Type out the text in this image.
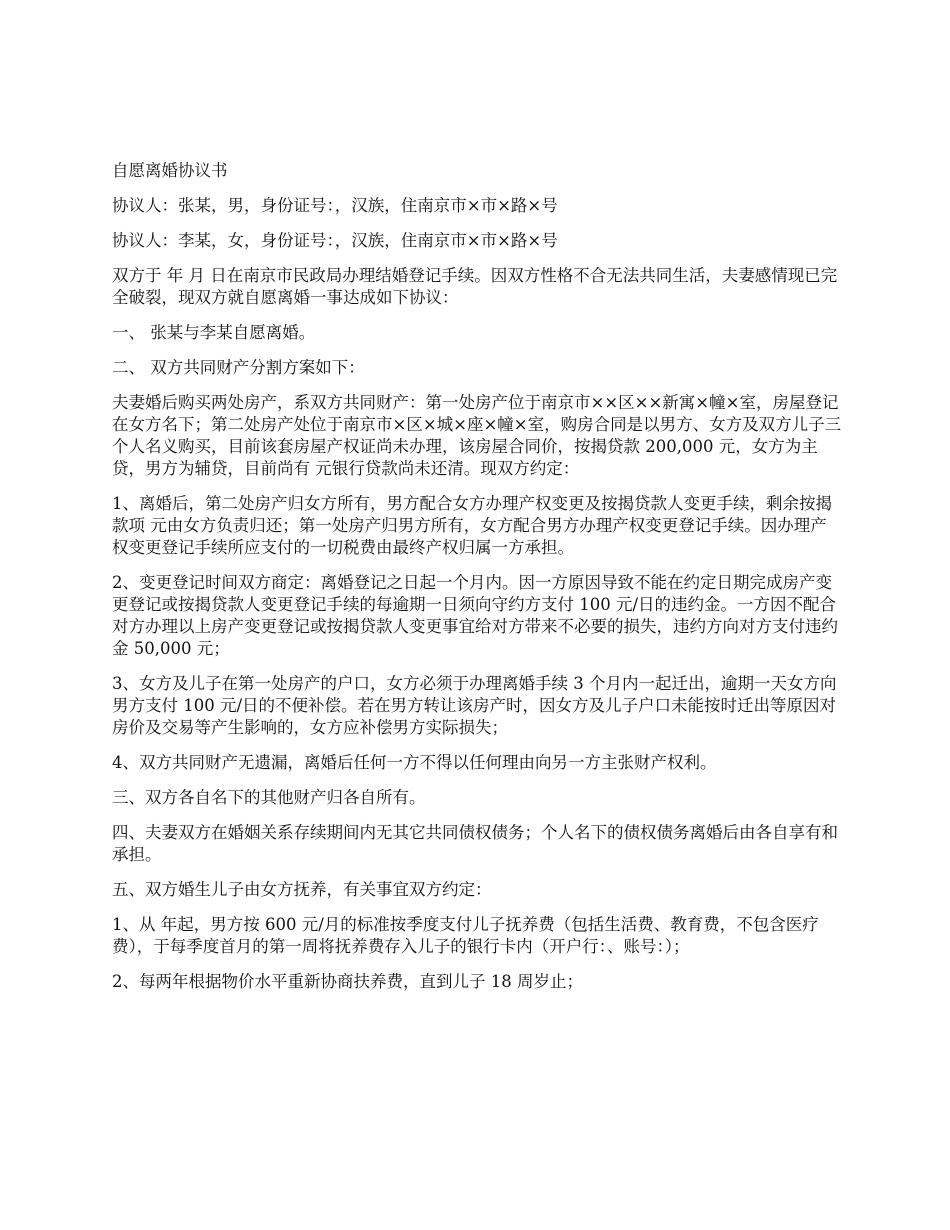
自愿离婚协议书

协议人：张某，男，身份证号：，汉族，住南京市×市×路×号

协议人：李某，女，身份证号：，汉族，住南京市×市×路×号

双方于 年 月 日在南京市民政局办理结婚登记手续。因双方性格不合无法共同生活，夫妻感情现已完全破裂，现双方就自愿离婚一事达成如下协议：

一、 张某与李某自愿离婚。

二、 双方共同财产分割方案如下：

夫妻婚后购买两处房产，系双方共同财产：第一处房产位于南京市××区××新寓×幢×室，房屋登记在女方名下；第二处房产处位于南京市×区×城×座×幢×室，购房合同是以男方、女方及双方儿子三个人名义购买，目前该套房屋产权证尚未办理，该房屋合同价，按揭贷款 200,000 元，女方为主贷，男方为辅贷，目前尚有 元银行贷款尚未还清。现双方约定：

1、离婚后，第二处房产归女方所有，男方配合女方办理产权变更及按揭贷款人变更手续，剩余按揭款项 元由女方负责归还；第一处房产归男方所有，女方配合男方办理产权变更登记手续。因办理产权变更登记手续所应支付的一切税费由最终产权归属一方承担。

2、变更登记时间双方商定：离婚登记之日起一个月内。因一方原因导致不能在约定日期完成房产变更登记或按揭贷款人变更登记手续的每逾期一日须向守约方支付 100 元/日的违约金。一方因不配合对方办理以上房产变更登记或按揭贷款人变更事宜给对方带来不必要的损失，违约方向对方支付违约金 50,000 元；

3、女方及儿子在第一处房产的户口，女方必须于办理离婚手续 3 个月内一起迁出，逾期一天女方向男方支付 100 元/日的不便补偿。若在男方转让该房产时，因女方及儿子户口未能按时迁出等原因对房价及交易等产生影响的，女方应补偿男方实际损失；

4、双方共同财产无遗漏，离婚后任何一方不得以任何理由向另一方主张财产权利。

三、双方各自名下的其他财产归各自所有。

四、夫妻双方在婚姻关系存续期间内无其它共同债权债务；个人名下的债权债务离婚后由各自享有和承担。

五、双方婚生儿子由女方抚养，有关事宜双方约定：

1、从 年起，男方按 600 元/月的标准按季度支付儿子抚养费（包括生活费、教育费，不包含医疗费），于每季度首月的第一周将抚养费存入儿子的银行卡内（开户行：、账号：）；

2、每两年根据物价水平重新协商扶养费，直到儿子 18 周岁止；
